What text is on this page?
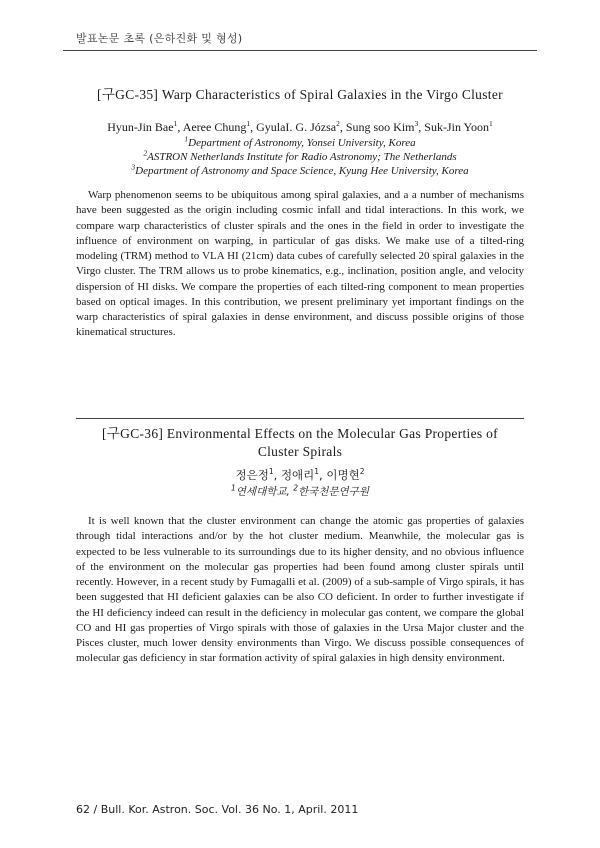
발표논문 초록 (은하진화 및 형성)
[구GC-35] Warp Characteristics of Spiral Galaxies in the Virgo Cluster
Hyun-Jin Bae$^1$, Aeree Chung$^1$, GyulaI. G. Józsa$^2$, Sung soo Kim$^3$, Suk-Jin Yoon$^1$
$^1$Department of Astronomy, Yonsei University, Korea
$^2$ASTRON Netherlands Institute for Radio Astronomy; The Netherlands
$^3$Department of Astronomy and Space Science, Kyung Hee University, Korea
Warp phenomenon seems to be ubiquitous among spiral galaxies, and a a number of mechanisms have been suggested as the origin including cosmic infall and tidal interactions. In this work, we compare warp characteristics of cluster spirals and the ones in the field in order to investigate the influence of environment on warping, in particular of gas disks. We make use of a tilted-ring modeling (TRM) method to VLA HI (21cm) data cubes of carefully selected 20 spiral galaxies in the Virgo cluster. The TRM allows us to probe kinematics, e.g., inclination, position angle, and velocity dispersion of HI disks. We compare the properties of each tilted-ring component to mean properties based on optical images. In this contribution, we present preliminary yet important findings on the warp characteristics of spiral galaxies in dense environment, and discuss possible origins of those kinematical structures.
[구GC-36] Environmental Effects on the Molecular Gas Properties of
Cluster Spirals
정은정$^1$, 정애리$^1$, 이명현$^2$
$^1$연세대학교, $^2$한국천문연구원
It is well known that the cluster environment can change the atomic gas properties of galaxies through tidal interactions and/or by the hot cluster medium. Meanwhile, the molecular gas is expected to be less vulnerable to its surroundings due to its higher density, and no obvious influence of the environment on the molecular gas properties had been found among cluster spirals until recently. However, in a recent study by Fumagalli et al. (2009) of a sub-sample of Virgo spirals, it has been suggested that HI deficient galaxies can be also CO deficient. In order to further investigate if the HI deficiency indeed can result in the deficiency in molecular gas content, we compare the global CO and HI gas properties of Virgo spirals with those of galaxies in the Ursa Major cluster and the Pisces cluster, much lower density environments than Virgo. We discuss possible consequences of molecular gas deficiency in star formation activity of spiral galaxies in high density environment.
62 / Bull. Kor. Astron. Soc. Vol. 36 No. 1, April. 2011
